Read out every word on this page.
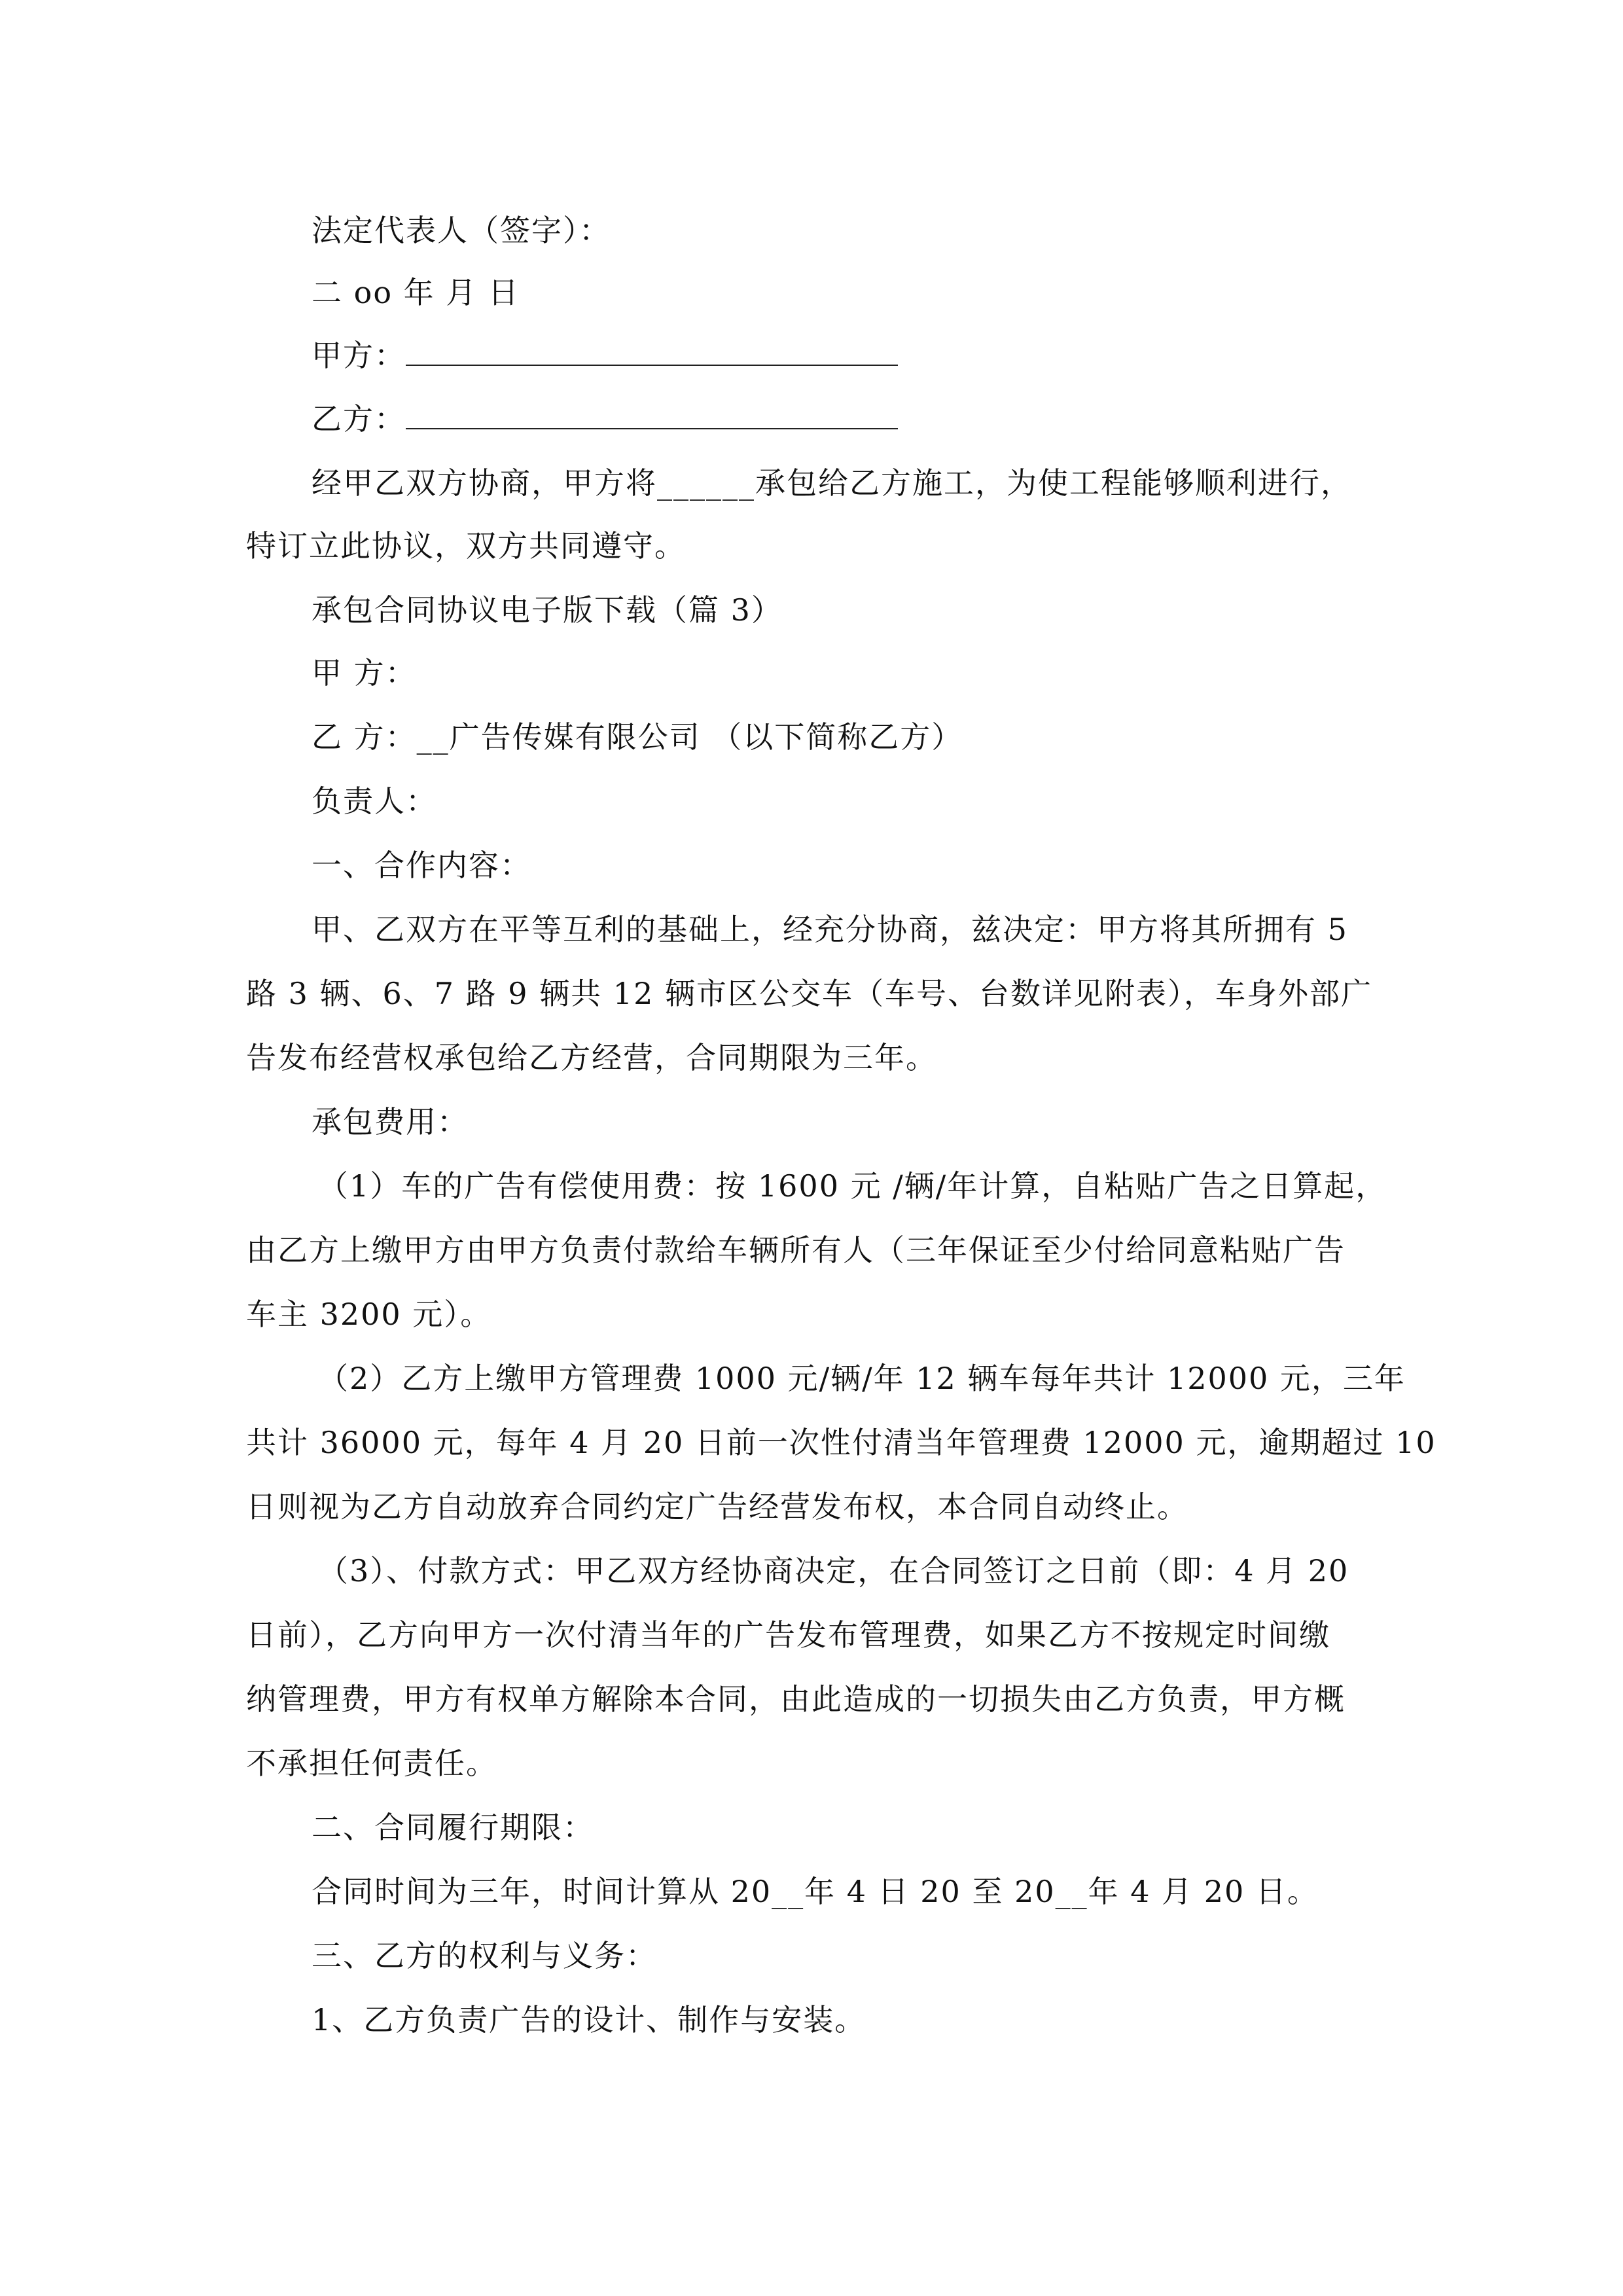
法定代表人（签字）：
二 oo 年 月 日
甲方：
乙方：
经甲乙双方协商，甲方将______承包给乙方施工，为使工程能够顺利进行，
特订立此协议，双方共同遵守。
承包合同协议电子版下载（篇 3）
甲 方：
乙 方：__广告传媒有限公司 （以下简称乙方）
负责人：
一、合作内容：
甲、乙双方在平等互利的基础上，经充分协商，兹决定：甲方将其所拥有 5
路 3 辆、6、7 路 9 辆共 12 辆市区公交车（车号、台数详见附表），车身外部广
告发布经营权承包给乙方经营，合同期限为三年。
承包费用：
（1）车的广告有偿使用费：按 1600 元 /辆/年计算，自粘贴广告之日算起，
由乙方上缴甲方由甲方负责付款给车辆所有人（三年保证至少付给同意粘贴广告
车主 3200 元）。
（2）乙方上缴甲方管理费 1000 元/辆/年 12 辆车每年共计 12000 元，三年
共计 36000 元，每年 4 月 20 日前一次性付清当年管理费 12000 元，逾期超过 10
日则视为乙方自动放弃合同约定广告经营发布权，本合同自动终止。
（3）、付款方式：甲乙双方经协商决定，在合同签订之日前（即：4 月 20
日前），乙方向甲方一次付清当年的广告发布管理费，如果乙方不按规定时间缴
纳管理费，甲方有权单方解除本合同，由此造成的一切损失由乙方负责，甲方概
不承担任何责任。
二、合同履行期限：
合同时间为三年，时间计算从 20__年 4 日 20 至 20__年 4 月 20 日。
三、乙方的权利与义务：
1、乙方负责广告的设计、制作与安装。
